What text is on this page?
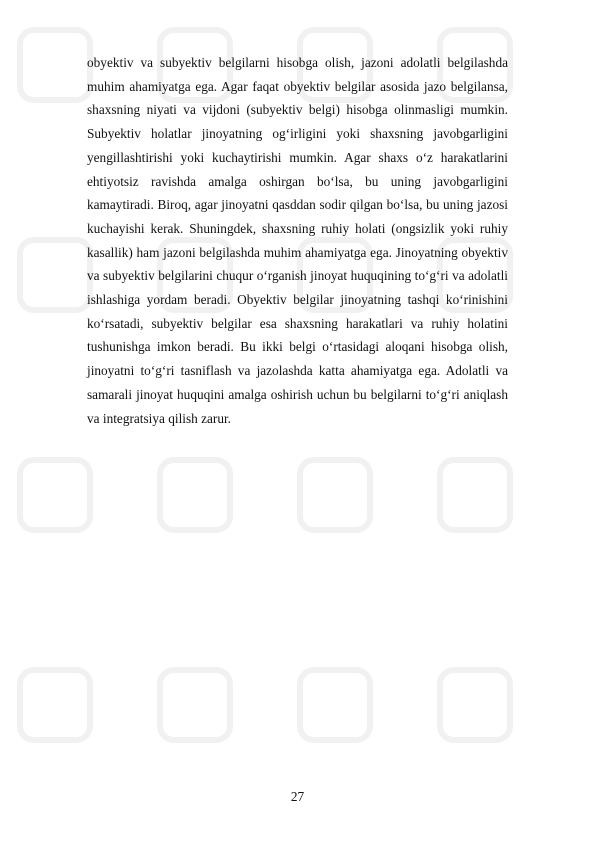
obyektiv va subyektiv belgilarni hisobga olish, jazoni adolatli belgilashda muhim ahamiyatga ega. Agar faqat obyektiv belgilar asosida jazo belgilansa, shaxsning niyati va vijdoni (subyektiv belgi) hisobga olinmasligi mumkin. Subyektiv holatlar jinoyatning og‘irligini yoki shaxsning javobgarligini yengillashtirishi yoki kuchaytirishi mumkin. Agar shaxs o‘z harakatlarini ehtiyotsiz ravishda amalga oshirgan bo‘lsa, bu uning javobgarligini kamaytiradi. Biroq, agar jinoyatni qasddan sodir qilgan bo‘lsa, bu uning jazosi kuchayishi kerak. Shuningdek, shaxsning ruhiy holati (ongsizlik yoki ruhiy kasallik) ham jazoni belgilashda muhim ahamiyatga ega. Jinoyatning obyektiv va subyektiv belgilarini chuqur o‘rganish jinoyat huquqining to‘g‘ri va adolatli ishlashiga yordam beradi. Obyektiv belgilar jinoyatning tashqi ko‘rinishini ko‘rsatadi, subyektiv belgilar esa shaxsning harakatlari va ruhiy holatini tushunishga imkon beradi. Bu ikki belgi o‘rtasidagi aloqani hisobga olish, jinoyatni to‘g‘ri tasniflash va jazolashda katta ahamiyatga ega. Adolatli va samarali jinoyat huquqini amalga oshirish uchun bu belgilarni to‘g‘ri aniqlash va integratsiya qilish zarur.

27
